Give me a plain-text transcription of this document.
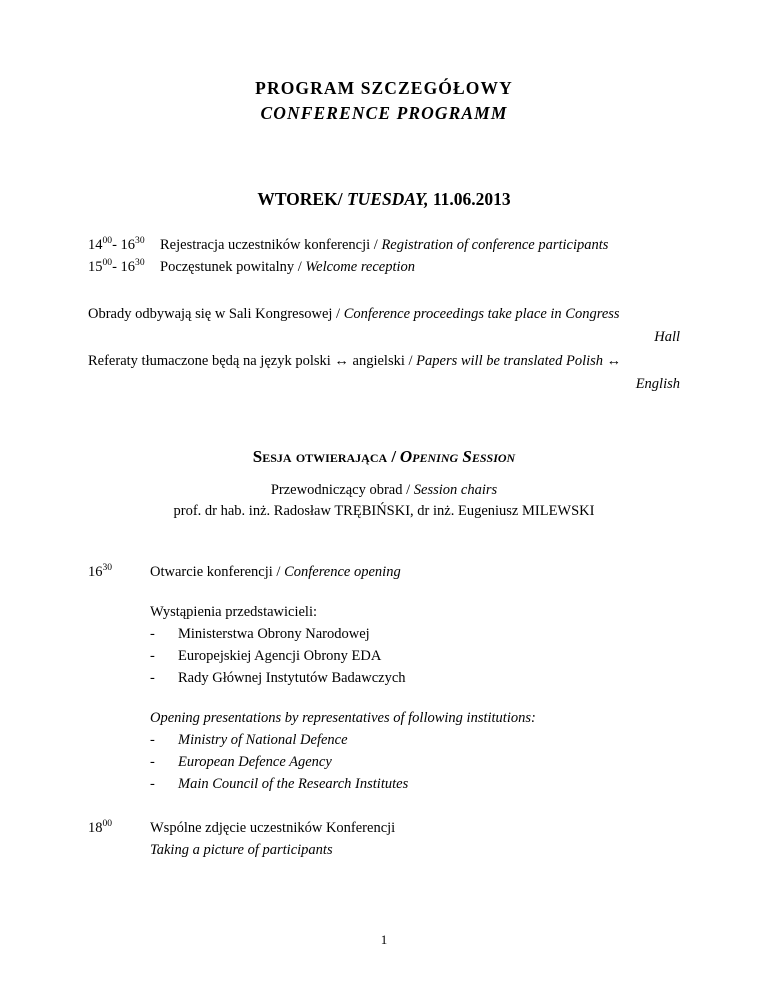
PROGRAM SZCZEGÓŁOWY
CONFERENCE PROGRAMM
WTOREK/ TUESDAY, 11.06.2013
$14^{00}-$ $16^{30}$	Rejestracja uczestników konferencji / Registration of conference participants
$15^{00}-$ $16^{30}$	Poczęstunek powitalny / Welcome reception
Obrady odbywają się w Sali Kongresowej / Conference proceedings take place in Congress
Hall
Referaty tłumaczone będą na język polski ↔ angielski / Papers will be translated Polish ↔
English
Sesja otwierająca / Opening Session
Przewodniczący obrad / Session chairs
prof. dr hab. inż. Radosław TRĘBIŃSKI, dr inż. Eugeniusz MILEWSKI
$16^{30}$	Otwarcie konferencji / Conference opening
Wystąpienia przedstawicieli:
-	Ministerstwa Obrony Narodowej
-	Europejskiej Agencji Obrony EDA
-	Rady Głównej Instytutów Badawczych
Opening presentations by representatives of following institutions:
-	Ministry of National Defence
-	European Defence Agency
-	Main Council of the Research Institutes
$18^{00}$	Wspólne zdjęcie uczestników Konferencji
Taking a picture of participants
1
